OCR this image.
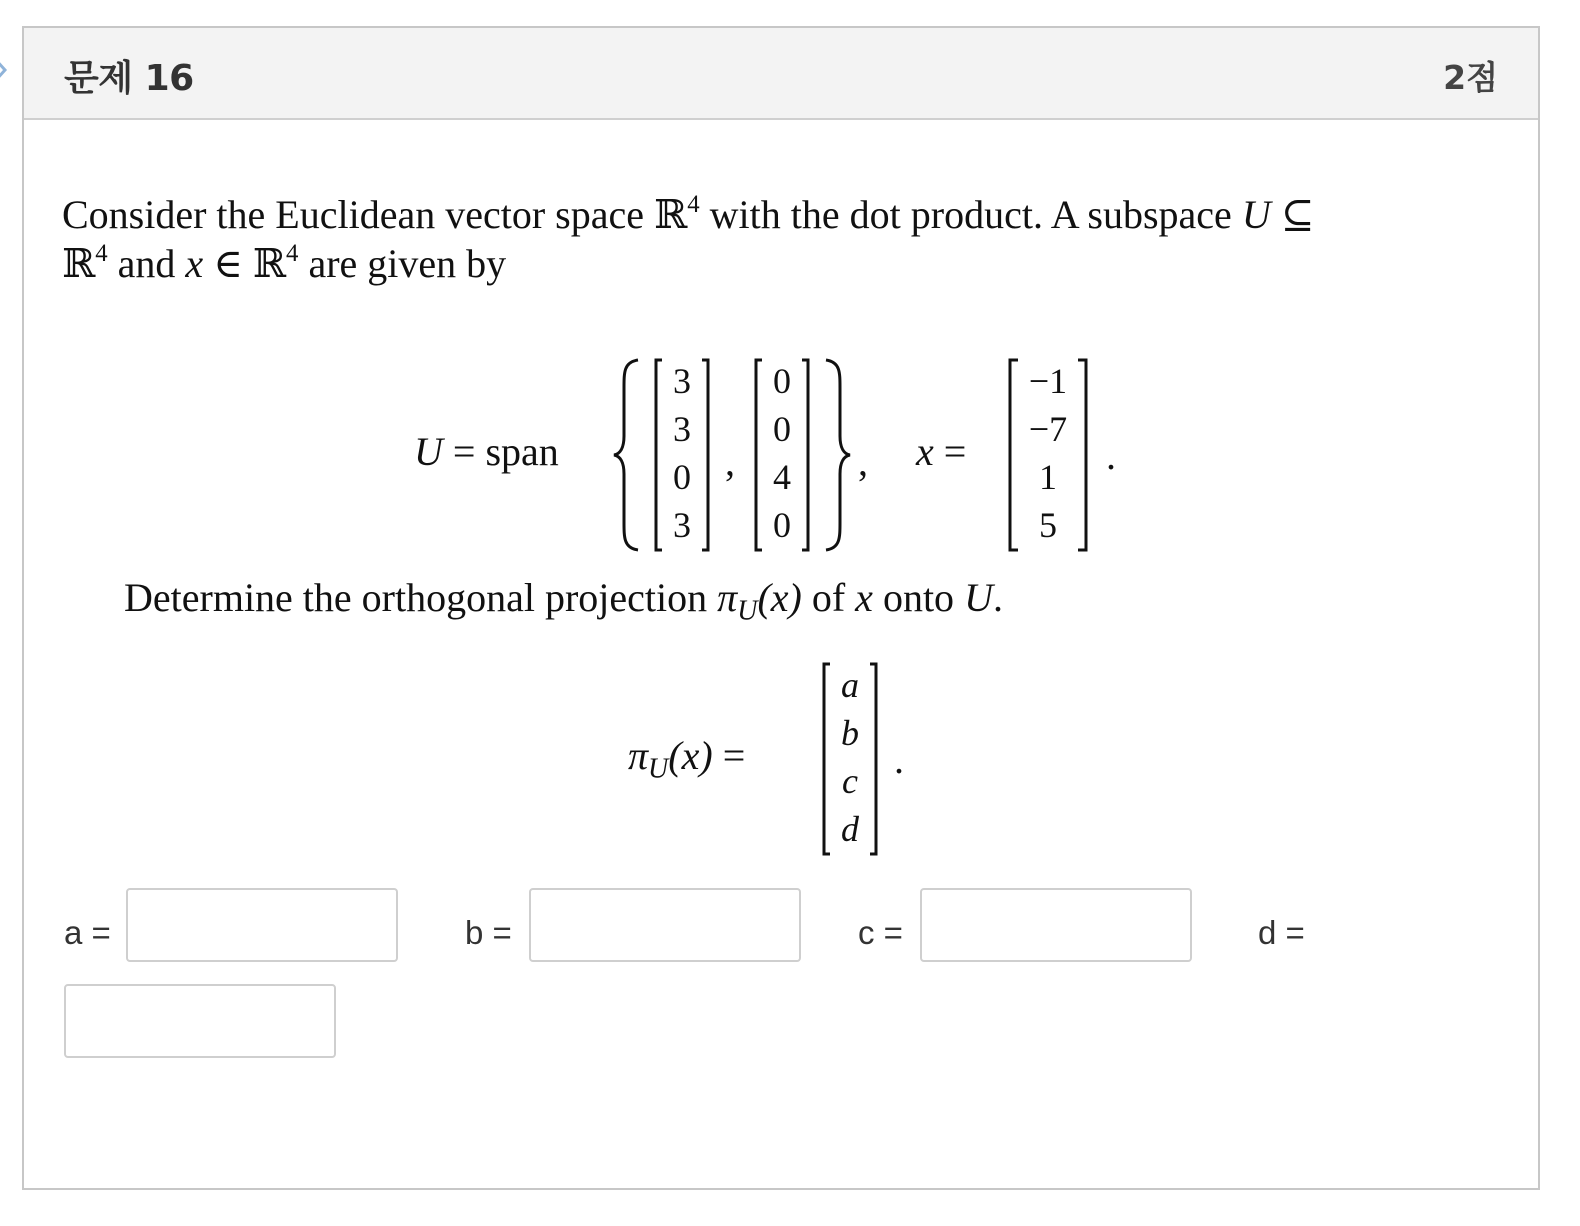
문제 16	2점
Consider the Euclidean vector space ℝ$^4$ with the dot product. A subspace U ⊆
ℝ$^4$ and x ∈ ℝ$^4$ are given by
U = span
3
3
0
3
,
0
0
4
0
, x =
−1
−7
1
5
.
Determine the orthogonal projection $\pi_U(x)$ of x onto U.
$\pi_U(x)$ =
a
b
c
d
.
a =	b =	c =	d =
